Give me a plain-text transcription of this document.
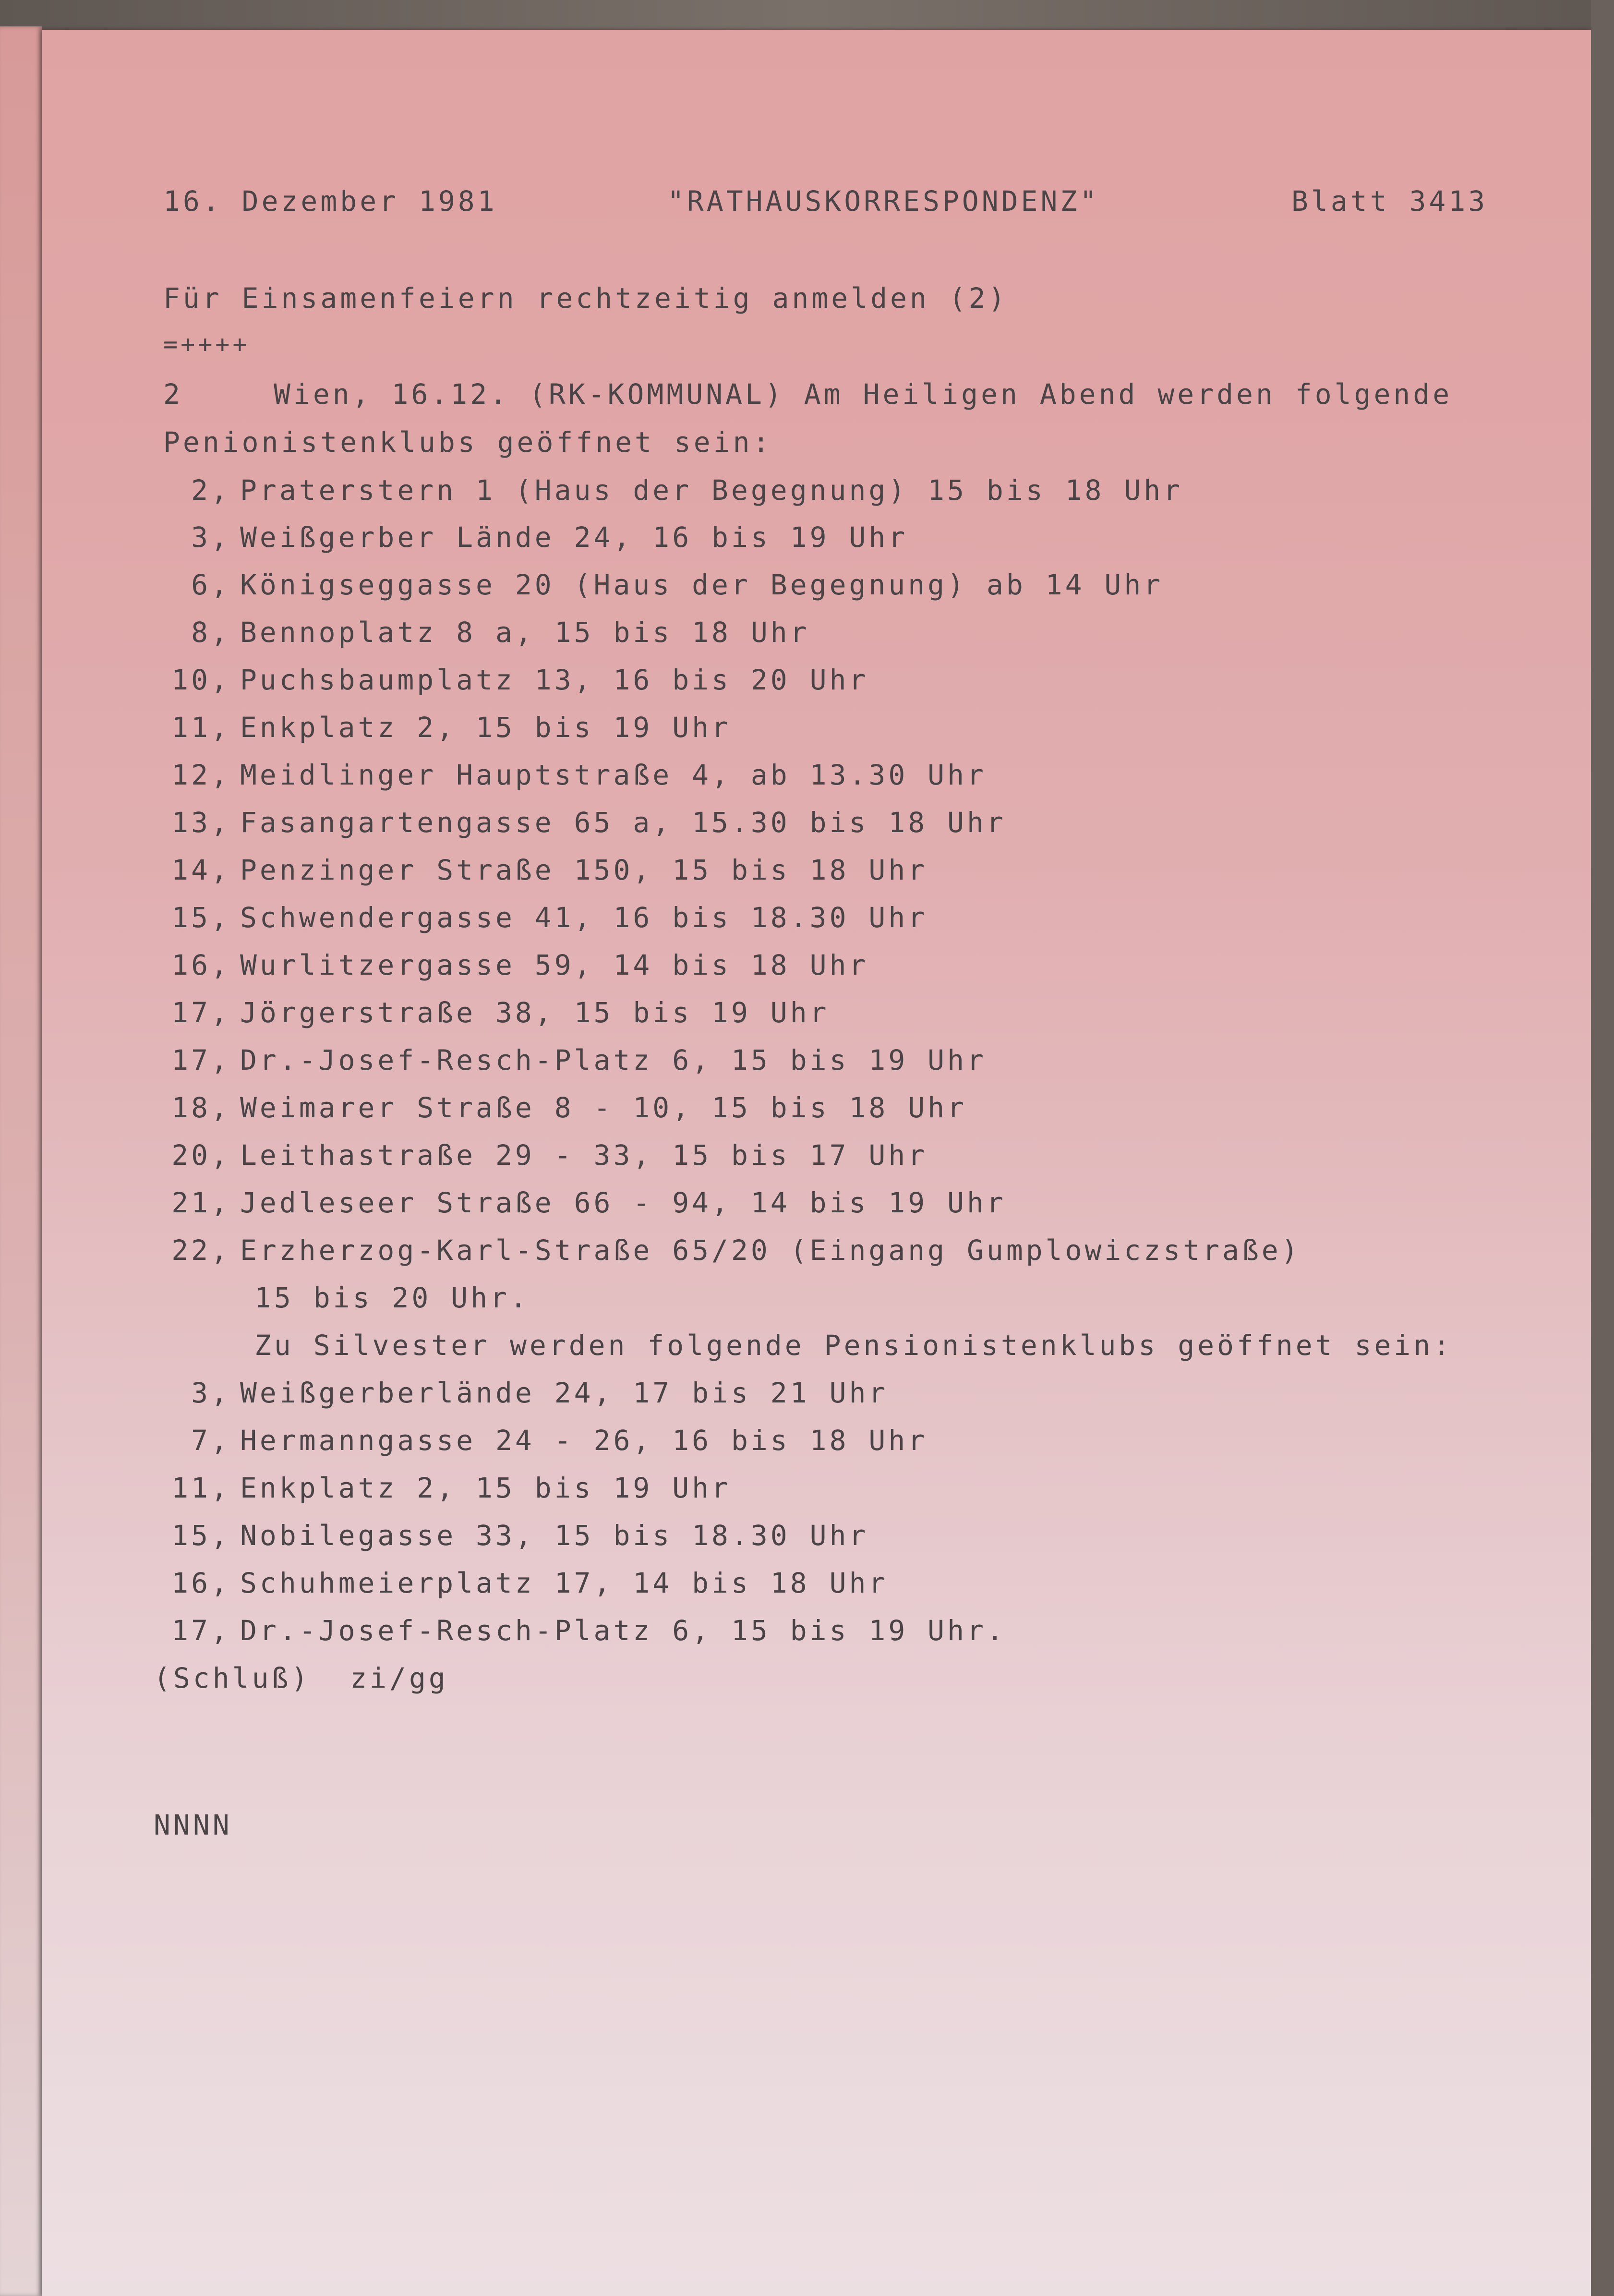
16. Dezember 1981	"RATHAUSKORRESPONDENZ"	Blatt 3413
Für Einsamenfeiern rechtzeitig anmelden (2)
=++++
2	Wien, 16.12. (RK-KOMMUNAL) Am Heiligen Abend werden folgende
Penionistenklubs geöffnet sein:
2, Praterstern 1 (Haus der Begegnung) 15 bis 18 Uhr
3, Weißgerber Lände 24, 16 bis 19 Uhr
6, Königseggasse 20 (Haus der Begegnung) ab 14 Uhr
8, Bennoplatz 8 a, 15 bis 18 Uhr
10, Puchsbaumplatz 13, 16 bis 20 Uhr
11, Enkplatz 2, 15 bis 19 Uhr
12, Meidlinger Hauptstraße 4, ab 13.30 Uhr
13, Fasangartengasse 65 a, 15.30 bis 18 Uhr
14, Penzinger Straße 150, 15 bis 18 Uhr
15, Schwendergasse 41, 16 bis 18.30 Uhr
16, Wurlitzergasse 59, 14 bis 18 Uhr
17, Jörgerstraße 38, 15 bis 19 Uhr
17, Dr.-Josef-Resch-Platz 6, 15 bis 19 Uhr
18, Weimarer Straße 8 - 10, 15 bis 18 Uhr
20, Leithastraße 29 - 33, 15 bis 17 Uhr
21, Jedleseer Straße 66 - 94, 14 bis 19 Uhr
22, Erzherzog-Karl-Straße 65/20 (Eingang Gumplowiczstraße)
15 bis 20 Uhr.
Zu Silvester werden folgende Pensionistenklubs geöffnet sein:
3, Weißgerberlände 24, 17 bis 21 Uhr
7, Hermanngasse 24 - 26, 16 bis 18 Uhr
11, Enkplatz 2, 15 bis 19 Uhr
15, Nobilegasse 33, 15 bis 18.30 Uhr
16, Schuhmeierplatz 17, 14 bis 18 Uhr
17, Dr.-Josef-Resch-Platz 6, 15 bis 19 Uhr.
(Schluß)  zi/gg
NNNN
